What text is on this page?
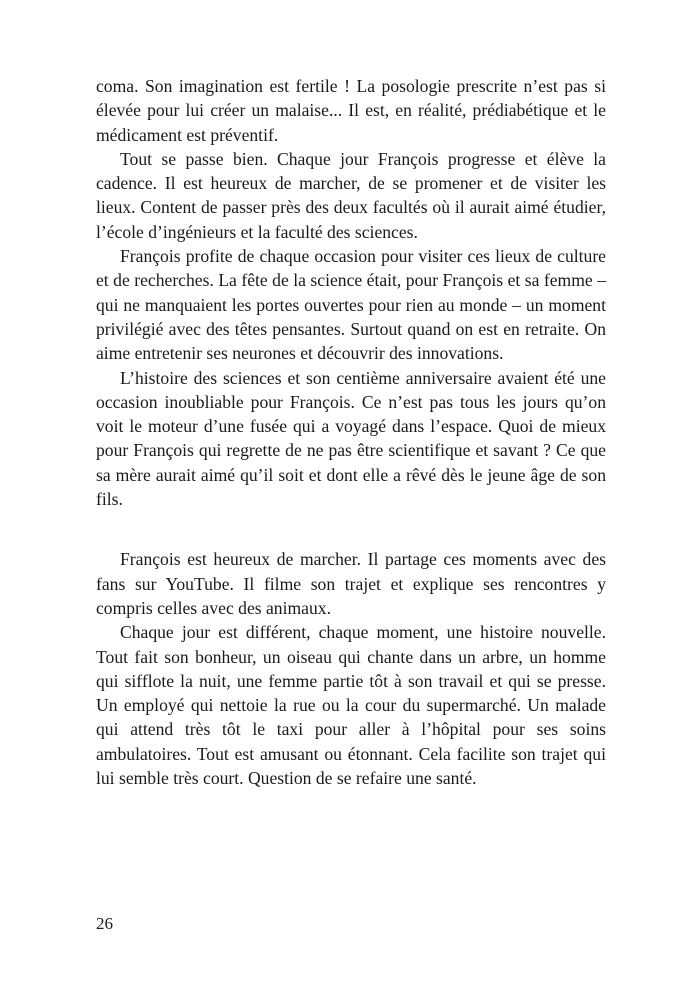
coma. Son imagination est fertile ! La posologie prescrite n’est pas si élevée pour lui créer un malaise... Il est, en réalité, prédiabétique et le médicament est préventif.

Tout se passe bien. Chaque jour François progresse et élève la cadence. Il est heureux de marcher, de se promener et de visiter les lieux. Content de passer près des deux facultés où il aurait aimé étudier, l’école d’ingénieurs et la faculté des sciences.

François profite de chaque occasion pour visiter ces lieux de culture et de recherches. La fête de la science était, pour François et sa femme – qui ne manquaient les portes ouvertes pour rien au monde – un moment privilégié avec des têtes pensantes. Surtout quand on est en retraite. On aime entretenir ses neurones et découvrir des innovations.

L’histoire des sciences et son centième anniversaire avaient été une occasion inoubliable pour François. Ce n’est pas tous les jours qu’on voit le moteur d’une fusée qui a voyagé dans l’espace. Quoi de mieux pour François qui regrette de ne pas être scientifique et savant ? Ce que sa mère aurait aimé qu’il soit et dont elle a rêvé dès le jeune âge de son fils.

François est heureux de marcher. Il partage ces moments avec des fans sur YouTube. Il filme son trajet et explique ses rencontres y compris celles avec des animaux.

Chaque jour est différent, chaque moment, une histoire nouvelle. Tout fait son bonheur, un oiseau qui chante dans un arbre, un homme qui sifflote la nuit, une femme partie tôt à son travail et qui se presse. Un employé qui nettoie la rue ou la cour du supermarché. Un malade qui attend très tôt le taxi pour aller à l’hôpital pour ses soins ambulatoires. Tout est amusant ou étonnant. Cela facilite son trajet qui lui semble très court. Question de se refaire une santé.

26
